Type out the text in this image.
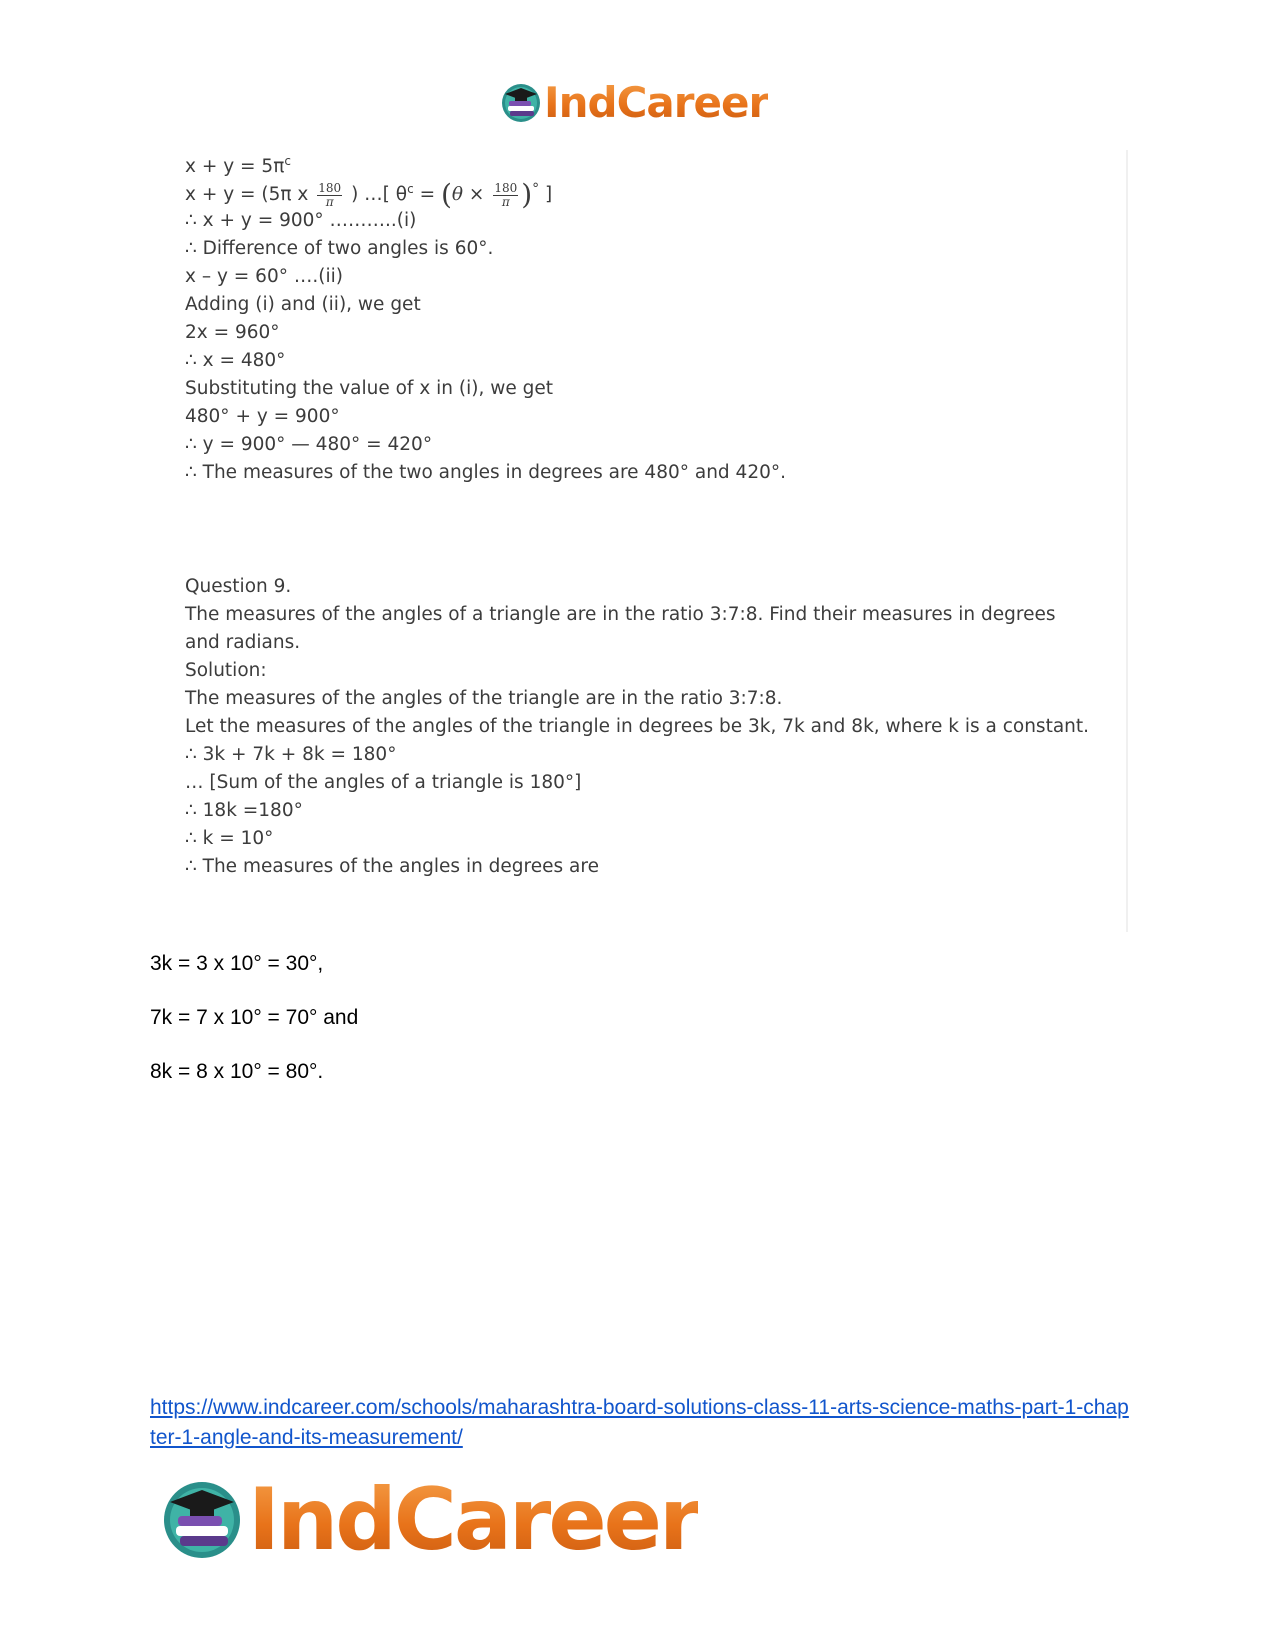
IndCareer
$x + y = 5\pi^c$
x + y = (5π x $\frac{180}{\pi}$ ) …[ $\theta^c = (\theta \times \frac{180}{\pi} )^\circ$ ]
∴ x + y = 900° ………..(i)
∴ Difference of two angles is 60°.
x – y = 60° ….(ii)
Adding (i) and (ii), we get
2x = 960°
∴ x = 480°
Substituting the value of x in (i), we get
480° + y = 900°
∴ y = 900° — 480° = 420°
∴ The measures of the two angles in degrees are 480° and 420°.
Question 9.
The measures of the angles of a triangle are in the ratio 3:7:8. Find their measures in degrees
and radians.
Solution:
The measures of the angles of the triangle are in the ratio 3:7:8.
Let the measures of the angles of the triangle in degrees be 3k, 7k and 8k, where k is a constant.
∴ 3k + 7k + 8k = 180°
… [Sum of the angles of a triangle is 180°]
∴ 18k =180°
∴ k = 10°
∴ The measures of the angles in degrees are
3k = 3 x 10° = 30°,
7k = 7 x 10° = 70° and
8k = 8 x 10° = 80°.
https://www.indcareer.com/schools/maharashtra-board-solutions-class-11-arts-science-maths-part-1-chapter-1-angle-and-its-measurement/
IndCareer
